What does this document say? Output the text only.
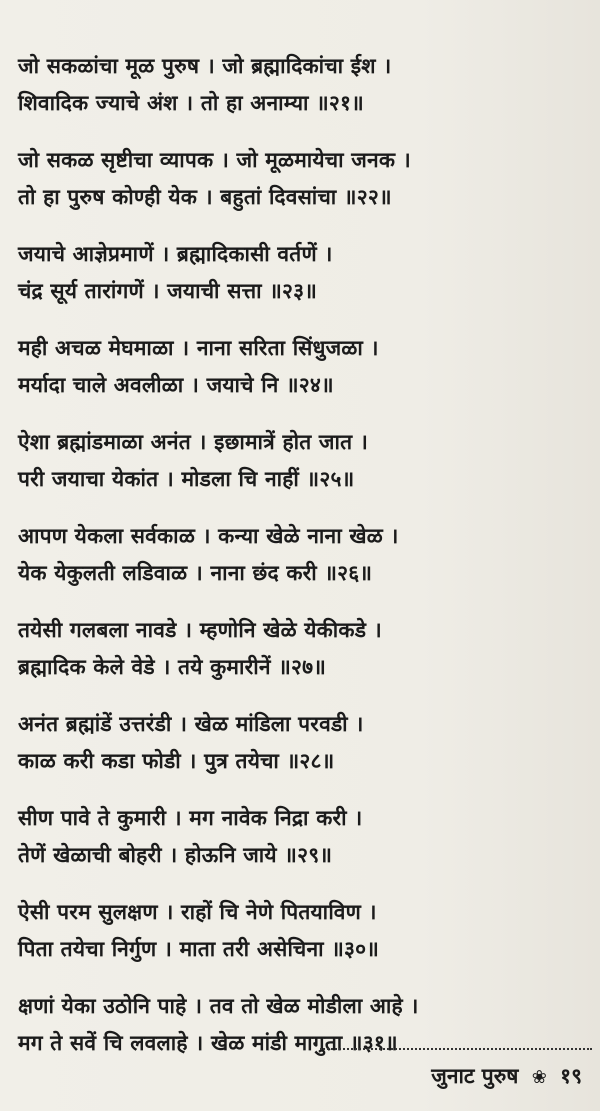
जो सकळांचा मूळ पुरुष । जो ब्रह्मादिकांचा ईश ।
शिवादिक ज्याचे अंश । तो हा अनाम्या ॥२१॥
जो सकळ सृष्टीचा व्यापक । जो मूळमायेचा जनक ।
तो हा पुरुष कोण्ही येक । बहुतां दिवसांचा ॥२२॥
जयाचे आज्ञेप्रमाणें । ब्रह्मादिकासी वर्तणें ।
चंद्र सूर्य तारांगणें । जयाची सत्ता ॥२३॥
मही अचळ मेघमाळा । नाना सरिता सिंधुजळा ।
मर्यादा चाले अवलीळा । जयाचे नि ॥२४॥
ऐशा ब्रह्मांडमाळा अनंत । इछामात्रें होत जात ।
परी जयाचा येकांत । मोडला चि नाहीं ॥२५॥
आपण येकला सर्वकाळ । कन्या खेळे नाना खेळ ।
येक येकुलती लडिवाळ । नाना छंद करी ॥२६॥
तयेसी गलबला नावडे । म्हणोनि खेळे येकीकडे ।
ब्रह्मादिक केले वेडे । तये कुमारीनें ॥२७॥
अनंत ब्रह्मांडें उत्तरंडी । खेळ मांडिला परवडी ।
काळ करी कडा फोडी । पुत्र तयेचा ॥२८॥
सीण पावे ते कुमारी । मग नावेक निद्रा करी ।
तेणें खेळाची बोहरी । होऊनि जाये ॥२९॥
ऐसी परम सुलक्षण । राहों चि नेणे पितयाविण ।
पिता तयेचा निर्गुण । माता तरी असेचिना ॥३०॥
क्षणां येका उठोनि पाहे । तव तो खेळ मोडीला आहे ।
मग ते सवें चि लवलाहे । खेळ मांडी मागुता ॥३१॥
जुनाट पुरुष ❀ १९
